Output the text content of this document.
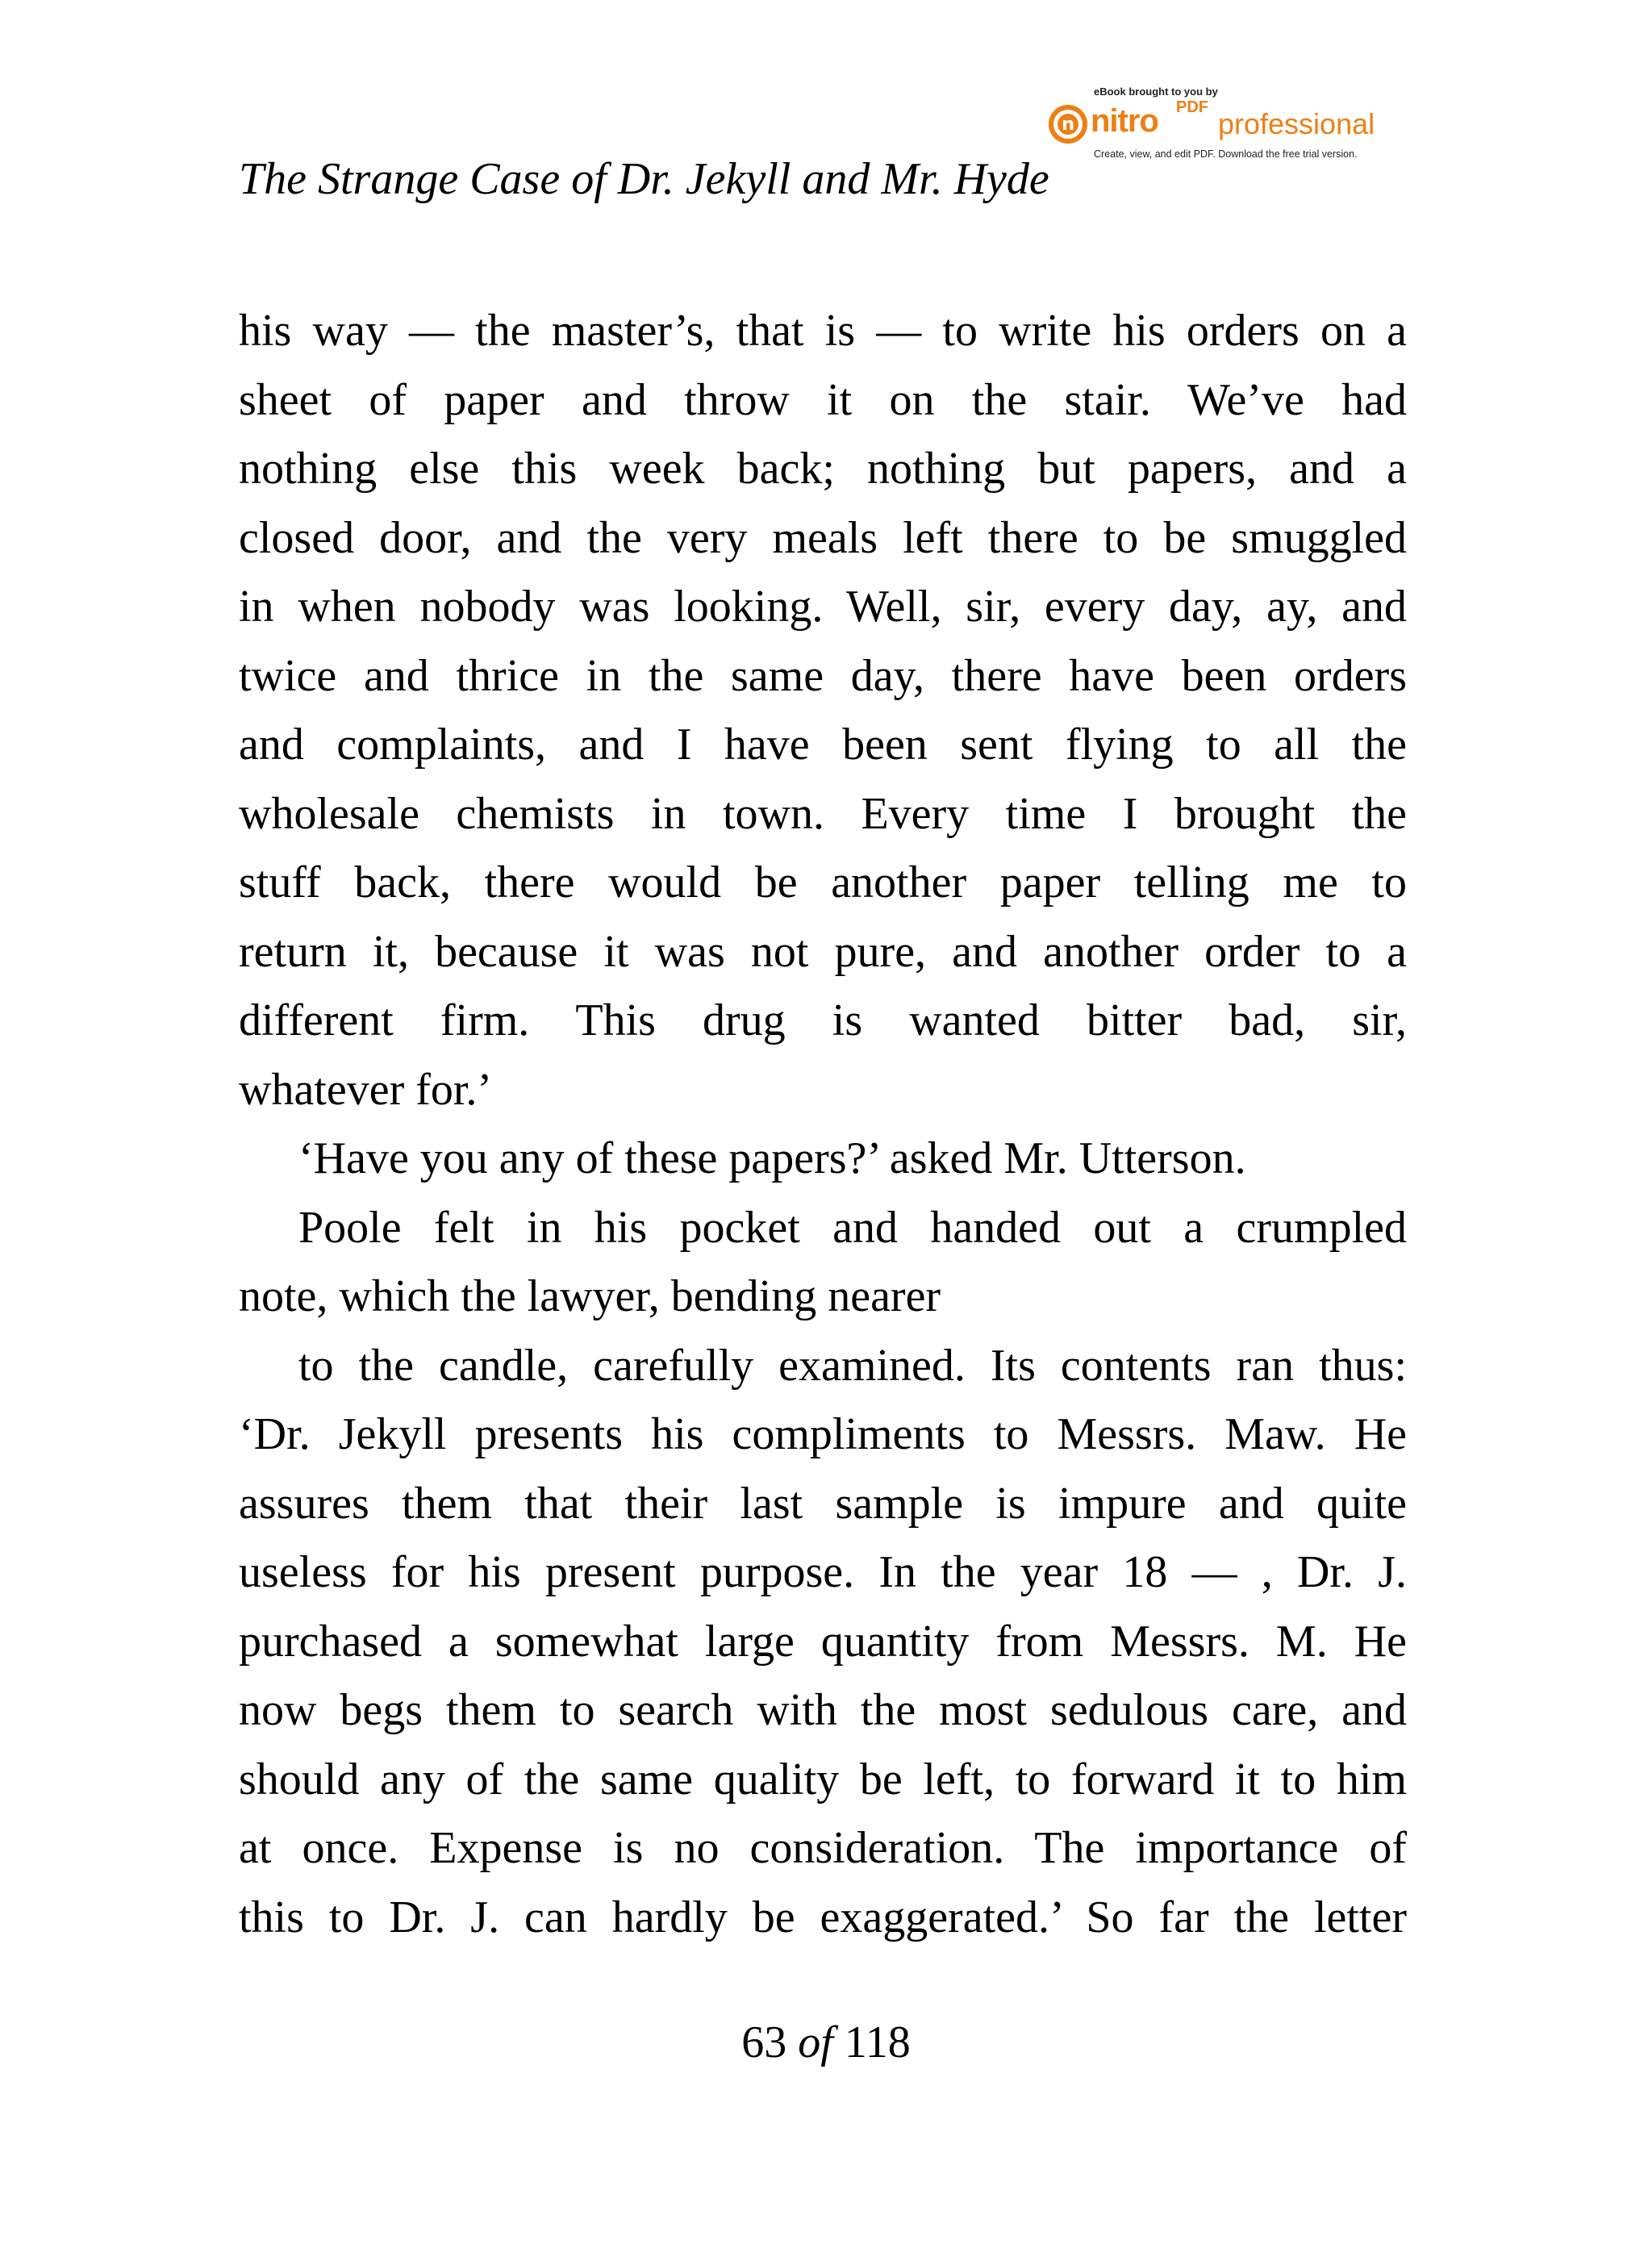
The Strange Case of Dr. Jekyll and Mr. Hyde
eBook brought to you by
nitro PDF professional
Create, view, and edit PDF. Download the free trial version.

his way — the master’s, that is — to write his orders on a

sheet of paper and throw it on the stair. We’ve had

nothing else this week back; nothing but papers, and a

closed door, and the very meals left there to be smuggled

in when nobody was looking. Well, sir, every day, ay, and

twice and thrice in the same day, there have been orders

and complaints, and I have been sent flying to all the

wholesale chemists in town. Every time I brought the

stuff back, there would be another paper telling me to

return it, because it was not pure, and another order to a

different firm. This drug is wanted bitter bad, sir,

whatever for.’

‘Have you any of these papers?’ asked Mr. Utterson.

Poole felt in his pocket and handed out a crumpled

note, which the lawyer, bending nearer

to the candle, carefully examined. Its contents ran thus:

‘Dr. Jekyll presents his compliments to Messrs. Maw. He

assures them that their last sample is impure and quite

useless for his present purpose. In the year 18 — , Dr. J.

purchased a somewhat large quantity from Messrs. M. He

now begs them to search with the most sedulous care, and

should any of the same quality be left, to forward it to him

at once. Expense is no consideration. The importance of

this to Dr. J. can hardly be exaggerated.’ So far the letter

63 of 118
